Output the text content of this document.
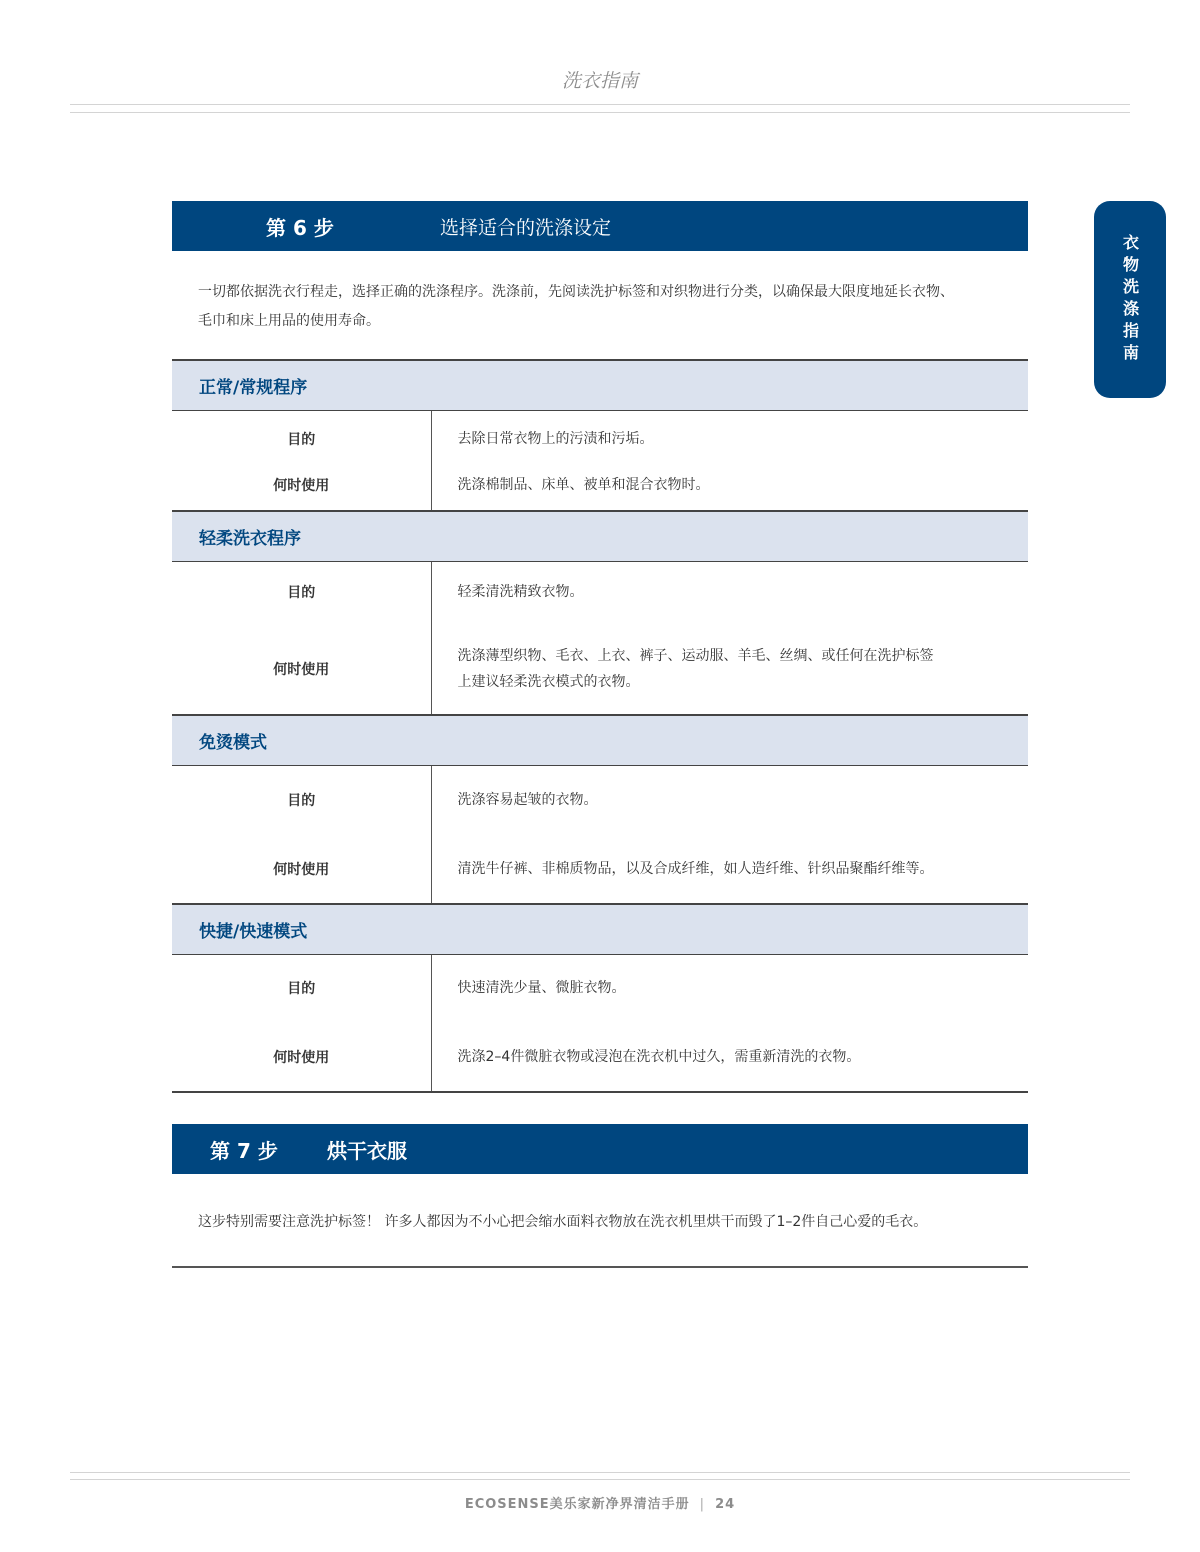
洗衣指南
衣物洗涤指南
第 6 步	选择适合的洗涤设定
一切都依据洗衣行程走，选择正确的洗涤程序。洗涤前，先阅读洗护标签和对织物进行分类，以确保最大限度地延长衣物、
毛巾和床上用品的使用寿命。
正常/常规程序	
目的	去除日常衣物上的污渍和污垢。
何时使用	洗涤棉制品、床单、被单和混合衣物时。

轻柔洗衣程序	
目的	轻柔清洗精致衣物。
何时使用	洗涤薄型织物、毛衣、上衣、裤子、运动服、羊毛、丝绸、或任何在洗护标签
上建议轻柔洗衣模式的衣物。

免烫模式	
目的	洗涤容易起皱的衣物。
何时使用	清洗牛仔裤、非棉质物品，以及合成纤维，如人造纤维、针织品聚酯纤维等。

快捷/快速模式	
目的	快速清洗少量、微脏衣物。
何时使用	洗涤2–4件微脏衣物或浸泡在洗衣机中过久，需重新清洗的衣物。
第 7 步 烘干衣服
这步特别需要注意洗护标签！ 许多人都因为不小心把会缩水面料衣物放在洗衣机里烘干而毁了1–2件自己心爱的毛衣。
ECOSENSE美乐家新净界清洁手册 | 24
